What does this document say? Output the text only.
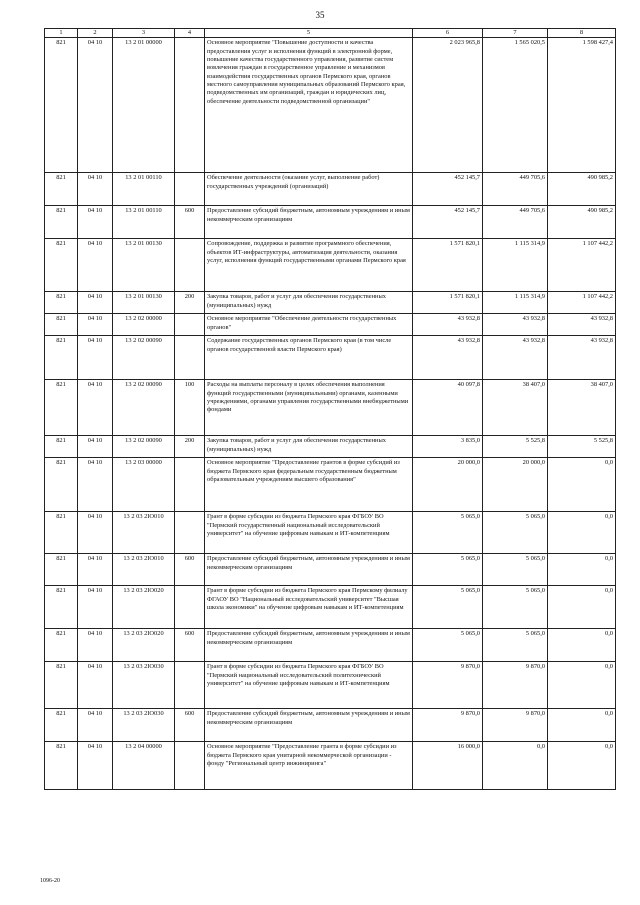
35
1	2	3	4	5	6	7	8
821	04 10	13 2 01 00000		Основное мероприятие "Повышение доступности и качества предоставления услуг и исполнения функций в электронной форме, повышение качества государственного управления, развитие систем вовлечения граждан в государственное управление и механизмов взаимодействия государственных органов Пермского края, органов местного самоуправления муниципальных образований Пермского края, подведомственных им организаций, граждан и юридических лиц, обеспечение деятельности подведомственной организации"	2 023 965,8	1 565 020,5	1 598 427,4
821	04 10	13 2 01 00110		Обеспечение деятельности (оказание услуг, выполнение работ) государственных учреждений (организаций)	452 145,7	449 705,6	490 985,2
821	04 10	13 2 01 00110	600	Предоставление субсидий бюджетным, автономным учреждениям и иным некоммерческим организациям	452 145,7	449 705,6	490 985,2
821	04 10	13 2 01 00130		Сопровождение, поддержка и развитие программного обеспечения, объектов ИТ-инфраструктуры, автоматизация деятельности, оказания услуг, исполнения функций государственными органами Пермского края	1 571 820,1	1 115 314,9	1 107 442,2
821	04 10	13 2 01 00130	200	Закупка товаров, работ и услуг для обеспечения государственных (муниципальных) нужд	1 571 820,1	1 115 314,9	1 107 442,2
821	04 10	13 2 02 00000		Основное мероприятие "Обеспечение деятельности государственных органов"	43 932,8	43 932,8	43 932,8
821	04 10	13 2 02 00090		Содержание государственных органов Пермского края (в том числе органов государственной власти Пермского края)	43 932,8	43 932,8	43 932,8
821	04 10	13 2 02 00090	100	Расходы на выплаты персоналу в целях обеспечения выполнения функций государственными (муниципальными) органами, казенными учреждениями, органами управления государственными внебюджетными фондами	40 097,8	38 407,0	38 407,0
821	04 10	13 2 02 00090	200	Закупка товаров, работ и услуг для обеспечения государственных (муниципальных) нужд	3 835,0	5 525,8	5 525,8
821	04 10	13 2 03 00000		Основное мероприятие "Предоставление грантов в форме субсидий из бюджета Пермского края федеральным государственным бюджетным образовательным учреждениям высшего образования"	20 000,0	20 000,0	0,0
821	04 10	13 2 03 2IO010		Грант в форме субсидии из бюджета Пермского края ФГБОУ ВО "Пермский государственный национальный исследовательский университет" на обучение цифровым навыкам и ИТ-компетенциям	5 065,0	5 065,0	0,0
821	04 10	13 2 03 2IO010	600	Предоставление субсидий бюджетным, автономным учреждениям и иным некоммерческим организациям	5 065,0	5 065,0	0,0
821	04 10	13 2 03 2IO020		Грант в форме субсидии из бюджета Пермского края Пермскому филиалу ФГАОУ ВО "Национальный исследовательский университет "Высшая школа экономики" на обучение цифровым навыкам и ИТ-компетенциям	5 065,0	5 065,0	0,0
821	04 10	13 2 03 2IO020	600	Предоставление субсидий бюджетным, автономным учреждениям и иным некоммерческим организациям	5 065,0	5 065,0	0,0
821	04 10	13 2 03 2IO030		Грант в форме субсидии из бюджета Пермского края ФГБОУ ВО "Пермский национальный исследовательский политехнический университет" на обучение цифровым навыкам и ИТ-компетенциям	9 870,0	9 870,0	0,0
821	04 10	13 2 03 2IO030	600	Предоставление субсидий бюджетным, автономным учреждениям и иным некоммерческим организациям	9 870,0	9 870,0	0,0
821	04 10	13 2 04 00000		Основное мероприятие "Предоставление гранта в форме субсидии из бюджета Пермского края унитарной некоммерческой организации - фонду "Региональный центр инжиниринга"	16 000,0	0,0	0,0
1096-20
